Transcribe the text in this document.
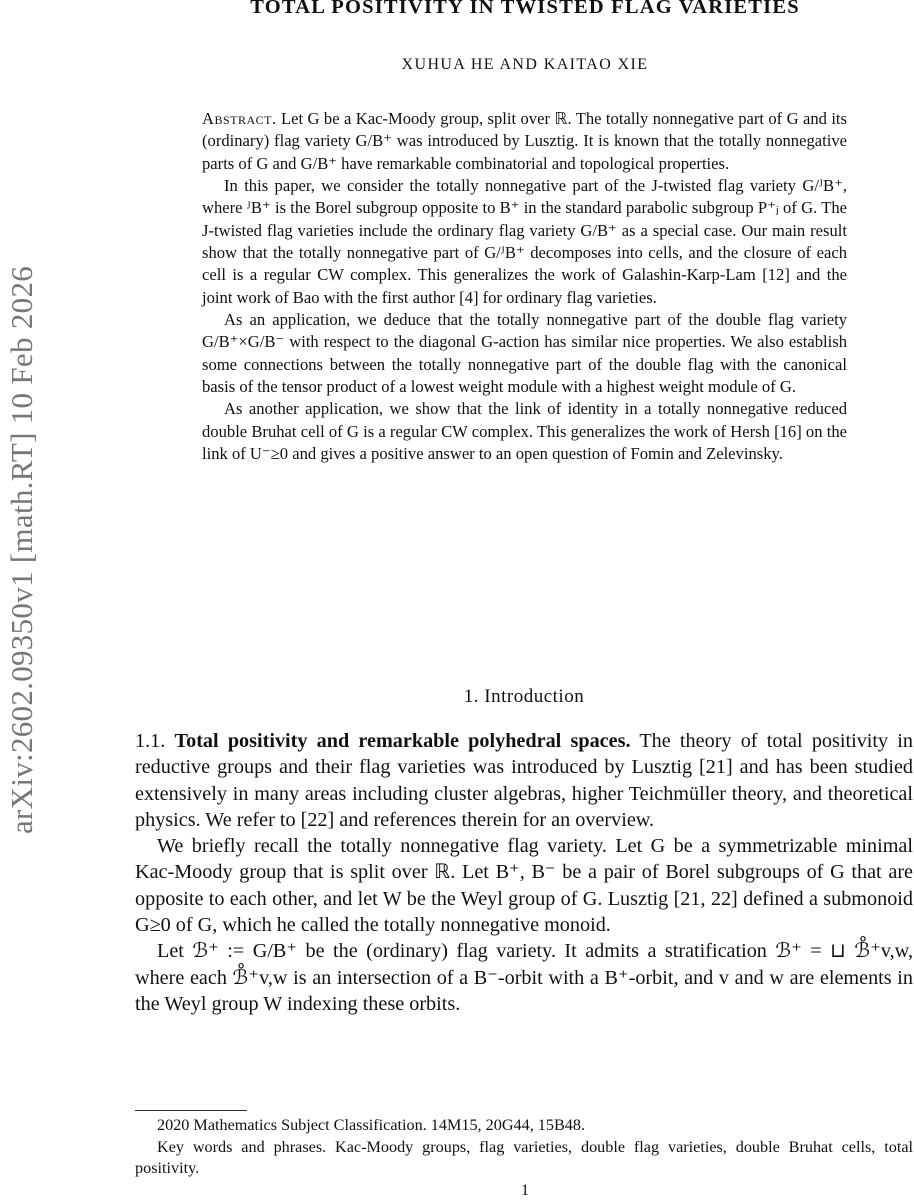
arXiv:2602.09350v1 [math.RT] 10 Feb 2026
TOTAL POSITIVITY IN TWISTED FLAG VARIETIES
XUHUA HE AND KAITAO XIE

Abstract. Let G be a Kac-Moody group, split over ℝ. The totally nonnegative part of G and its (ordinary) flag variety G/B⁺ was introduced by Lusztig. It is known that the totally nonnegative parts of G and G/B⁺ have remarkable combinatorial and topological properties.

In this paper, we consider the totally nonnegative part of the J-twisted flag variety G/ᴶB⁺, where ᴶB⁺ is the Borel subgroup opposite to B⁺ in the standard parabolic subgroup P⁺ⱼ of G. The J-twisted flag varieties include the ordinary flag variety G/B⁺ as a special case. Our main result show that the totally nonnegative part of G/ᴶB⁺ decomposes into cells, and the closure of each cell is a regular CW complex. This generalizes the work of Galashin-Karp-Lam [12] and the joint work of Bao with the first author [4] for ordinary flag varieties.

As an application, we deduce that the totally nonnegative part of the double flag variety G/B⁺×G/B⁻ with respect to the diagonal G-action has similar nice properties. We also establish some connections between the totally nonnegative part of the double flag with the canonical basis of the tensor product of a lowest weight module with a highest weight module of G.

As another application, we show that the link of identity in a totally nonnegative reduced double Bruhat cell of G is a regular CW complex. This generalizes the work of Hersh [16] on the link of U⁻≥0 and gives a positive answer to an open question of Fomin and Zelevinsky.

1. Introduction

1.1. Total positivity and remarkable polyhedral spaces. The theory of total positivity in reductive groups and their flag varieties was introduced by Lusztig [21] and has been studied extensively in many areas including cluster algebras, higher Teichmüller theory, and theoretical physics. We refer to [22] and references therein for an overview.

We briefly recall the totally nonnegative flag variety. Let G be a symmetrizable minimal Kac-Moody group that is split over ℝ. Let B⁺, B⁻ be a pair of Borel subgroups of G that are opposite to each other, and let W be the Weyl group of G. Lusztig [21, 22] defined a submonoid G≥0 of G, which he called the totally nonnegative monoid.

Let ℬ⁺ := G/B⁺ be the (ordinary) flag variety. It admits a stratification ℬ⁺ = ⊔ ℬ̊⁺v,w, where each ℬ̊⁺v,w is an intersection of a B⁻-orbit with a B⁺-orbit, and v and w are elements in the Weyl group W indexing these orbits.

2020 Mathematics Subject Classification. 14M15, 20G44, 15B48.

Key words and phrases. Kac-Moody groups, flag varieties, double flag varieties, double Bruhat cells, total positivity.

1
